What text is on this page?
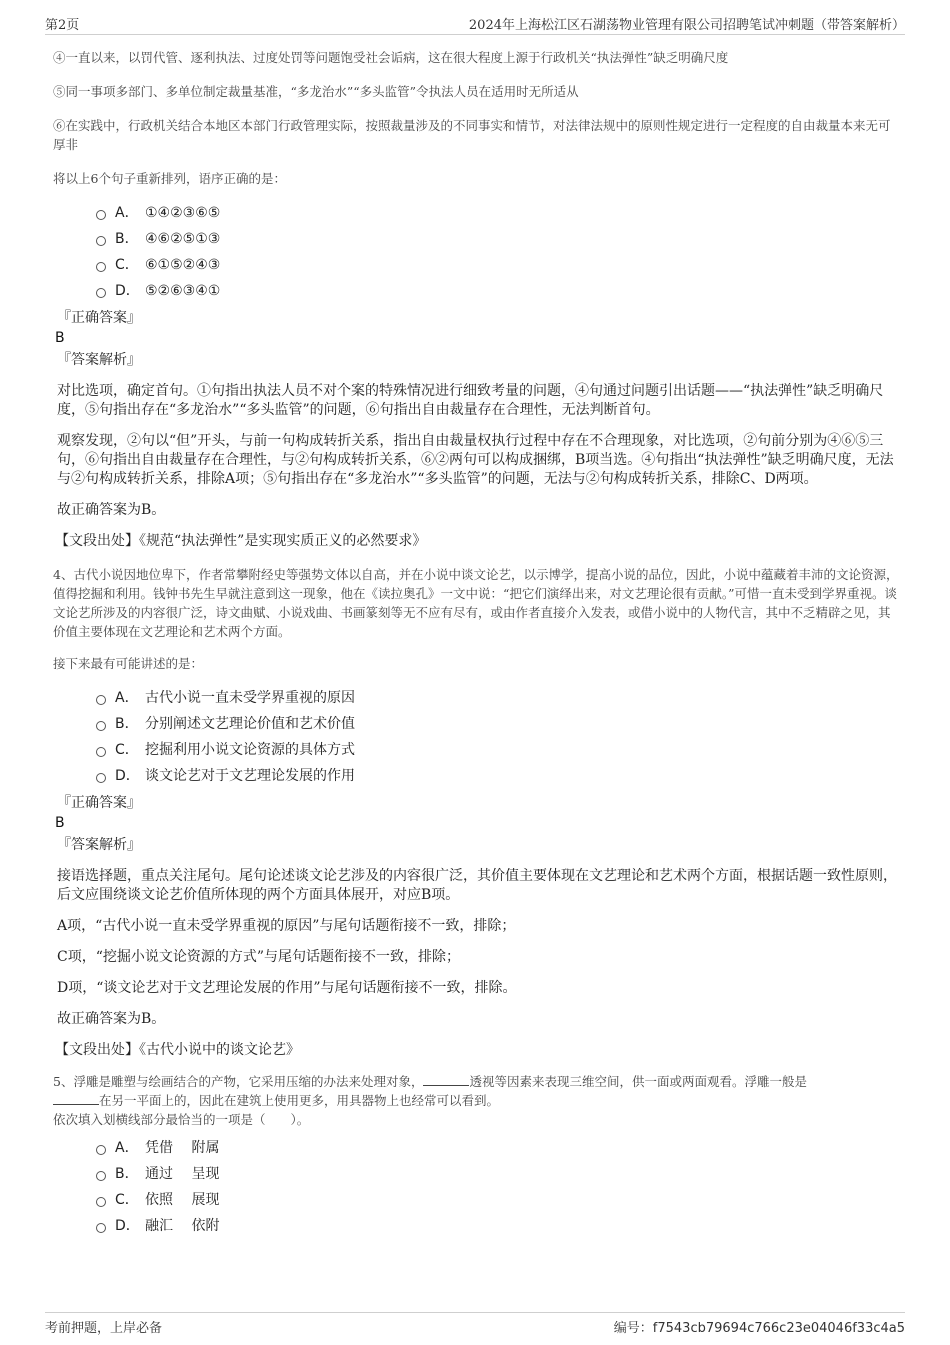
第2页	2024年上海松江区石湖荡物业管理有限公司招聘笔试冲刺题（带答案解析）

④一直以来，以罚代管、逐利执法、过度处罚等问题饱受社会诟病，这在很大程度上源于行政机关“执法弹性”缺乏明确尺度

⑤同一事项多部门、多单位制定裁量基准，“多龙治水”“多头监管”令执法人员在适用时无所适从

⑥在实践中，行政机关结合本地区本部门行政管理实际，按照裁量涉及的不同事实和情节，对法律法规中的原则性规定进行一定程度的自由裁量本来无可厚非

将以上6个句子重新排列，语序正确的是：

A． ①④②③⑥⑤
B． ④⑥②⑤①③
C． ⑥①⑤②④③
D． ⑤②⑥③④①

『正确答案』

B

『答案解析』

对比选项，确定首句。①句指出执法人员不对个案的特殊情况进行细致考量的问题，④句通过问题引出话题——“执法弹性”缺乏明确尺度，⑤句指出存在“多龙治水”“多头监管”的问题，⑥句指出自由裁量存在合理性，无法判断首句。

观察发现，②句以“但”开头，与前一句构成转折关系，指出自由裁量权执行过程中存在不合理现象，对比选项，②句前分别为④⑥⑤三句，⑥句指出自由裁量存在合理性，与②句构成转折关系，⑥②两句可以构成捆绑，B项当选。④句指出“执法弹性”缺乏明确尺度，无法与②句构成转折关系，排除A项；⑤句指出存在“多龙治水”“多头监管”的问题，无法与②句构成转折关系，排除C、D两项。

故正确答案为B。

【文段出处】《规范“执法弹性”是实现实质正义的必然要求》

4、古代小说因地位卑下，作者常攀附经史等强势文体以自高，并在小说中谈文论艺，以示博学，提高小说的品位，因此，小说中蕴藏着丰沛的文论资源，值得挖掘和利用。钱钟书先生早就注意到这一现象，他在《读拉奥孔》一文中说：“把它们演绎出来，对文艺理论很有贡献。”可惜一直未受到学界重视。谈文论艺所涉及的内容很广泛，诗文曲赋、小说戏曲、书画篆刻等无不应有尽有，或由作者直接介入发表，或借小说中的人物代言，其中不乏精辟之见，其价值主要体现在文艺理论和艺术两个方面。

接下来最有可能讲述的是：

A． 古代小说一直未受学界重视的原因
B． 分别阐述文艺理论价值和艺术价值
C． 挖掘利用小说文论资源的具体方式
D． 谈文论艺对于文艺理论发展的作用

『正确答案』

B

『答案解析』

接语选择题，重点关注尾句。尾句论述谈文论艺涉及的内容很广泛，其价值主要体现在文艺理论和艺术两个方面，根据话题一致性原则，后文应围绕谈文论艺价值所体现的两个方面具体展开，对应B项。

A项，“古代小说一直未受学界重视的原因”与尾句话题衔接不一致，排除；

C项，“挖掘小说文论资源的方式”与尾句话题衔接不一致，排除；

D项，“谈文论艺对于文艺理论发展的作用”与尾句话题衔接不一致，排除。

故正确答案为B。

【文段出处】《古代小说中的谈文论艺》

5、浮雕是雕塑与绘画结合的产物，它采用压缩的办法来处理对象，	透视等因素来表现三维空间，供一面或两面观看。浮雕一般是
在另一平面上的，因此在建筑上使用更多，用具器物上也经常可以看到。

依次填入划横线部分最恰当的一项是（　　）。

A． 凭借　 附属
B． 通过　 呈现
C． 依照　 展现
D． 融汇　 依附
考前押题，上岸必备	编号：f7543cb79694c766c23e04046f33c4a5
